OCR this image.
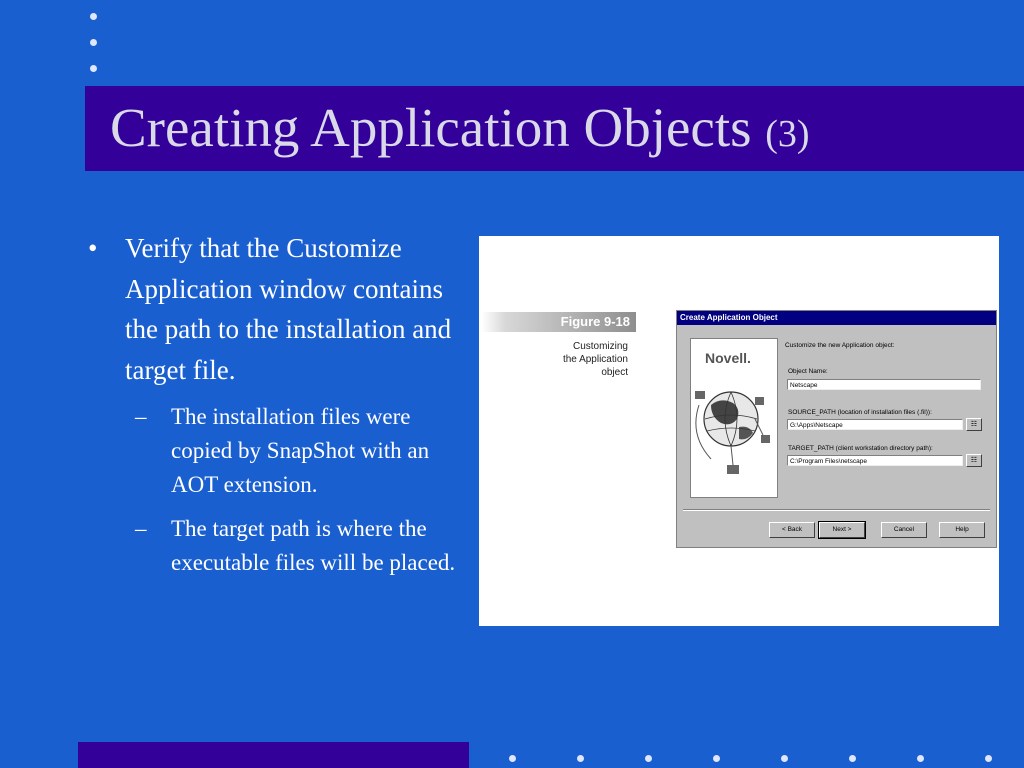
Creating Application Objects (3)
• Verify that the Customize Application window contains the path to the installation and target file.
– The installation files were copied by SnapShot with an AOT extension.
– The target path is where the executable files will be placed.
Figure 9-18
Customizing
the Application
object
Create Application Object
Novell.
Customize the new Application object:
Object Name:
Netscape
SOURCE_PATH (location of installation files (.fil)):
G:\Apps\Netscape	☷
TARGET_PATH (client workstation directory path):
C:\Program Files\netscape	☷
< Back	Next >	Cancel	Help
